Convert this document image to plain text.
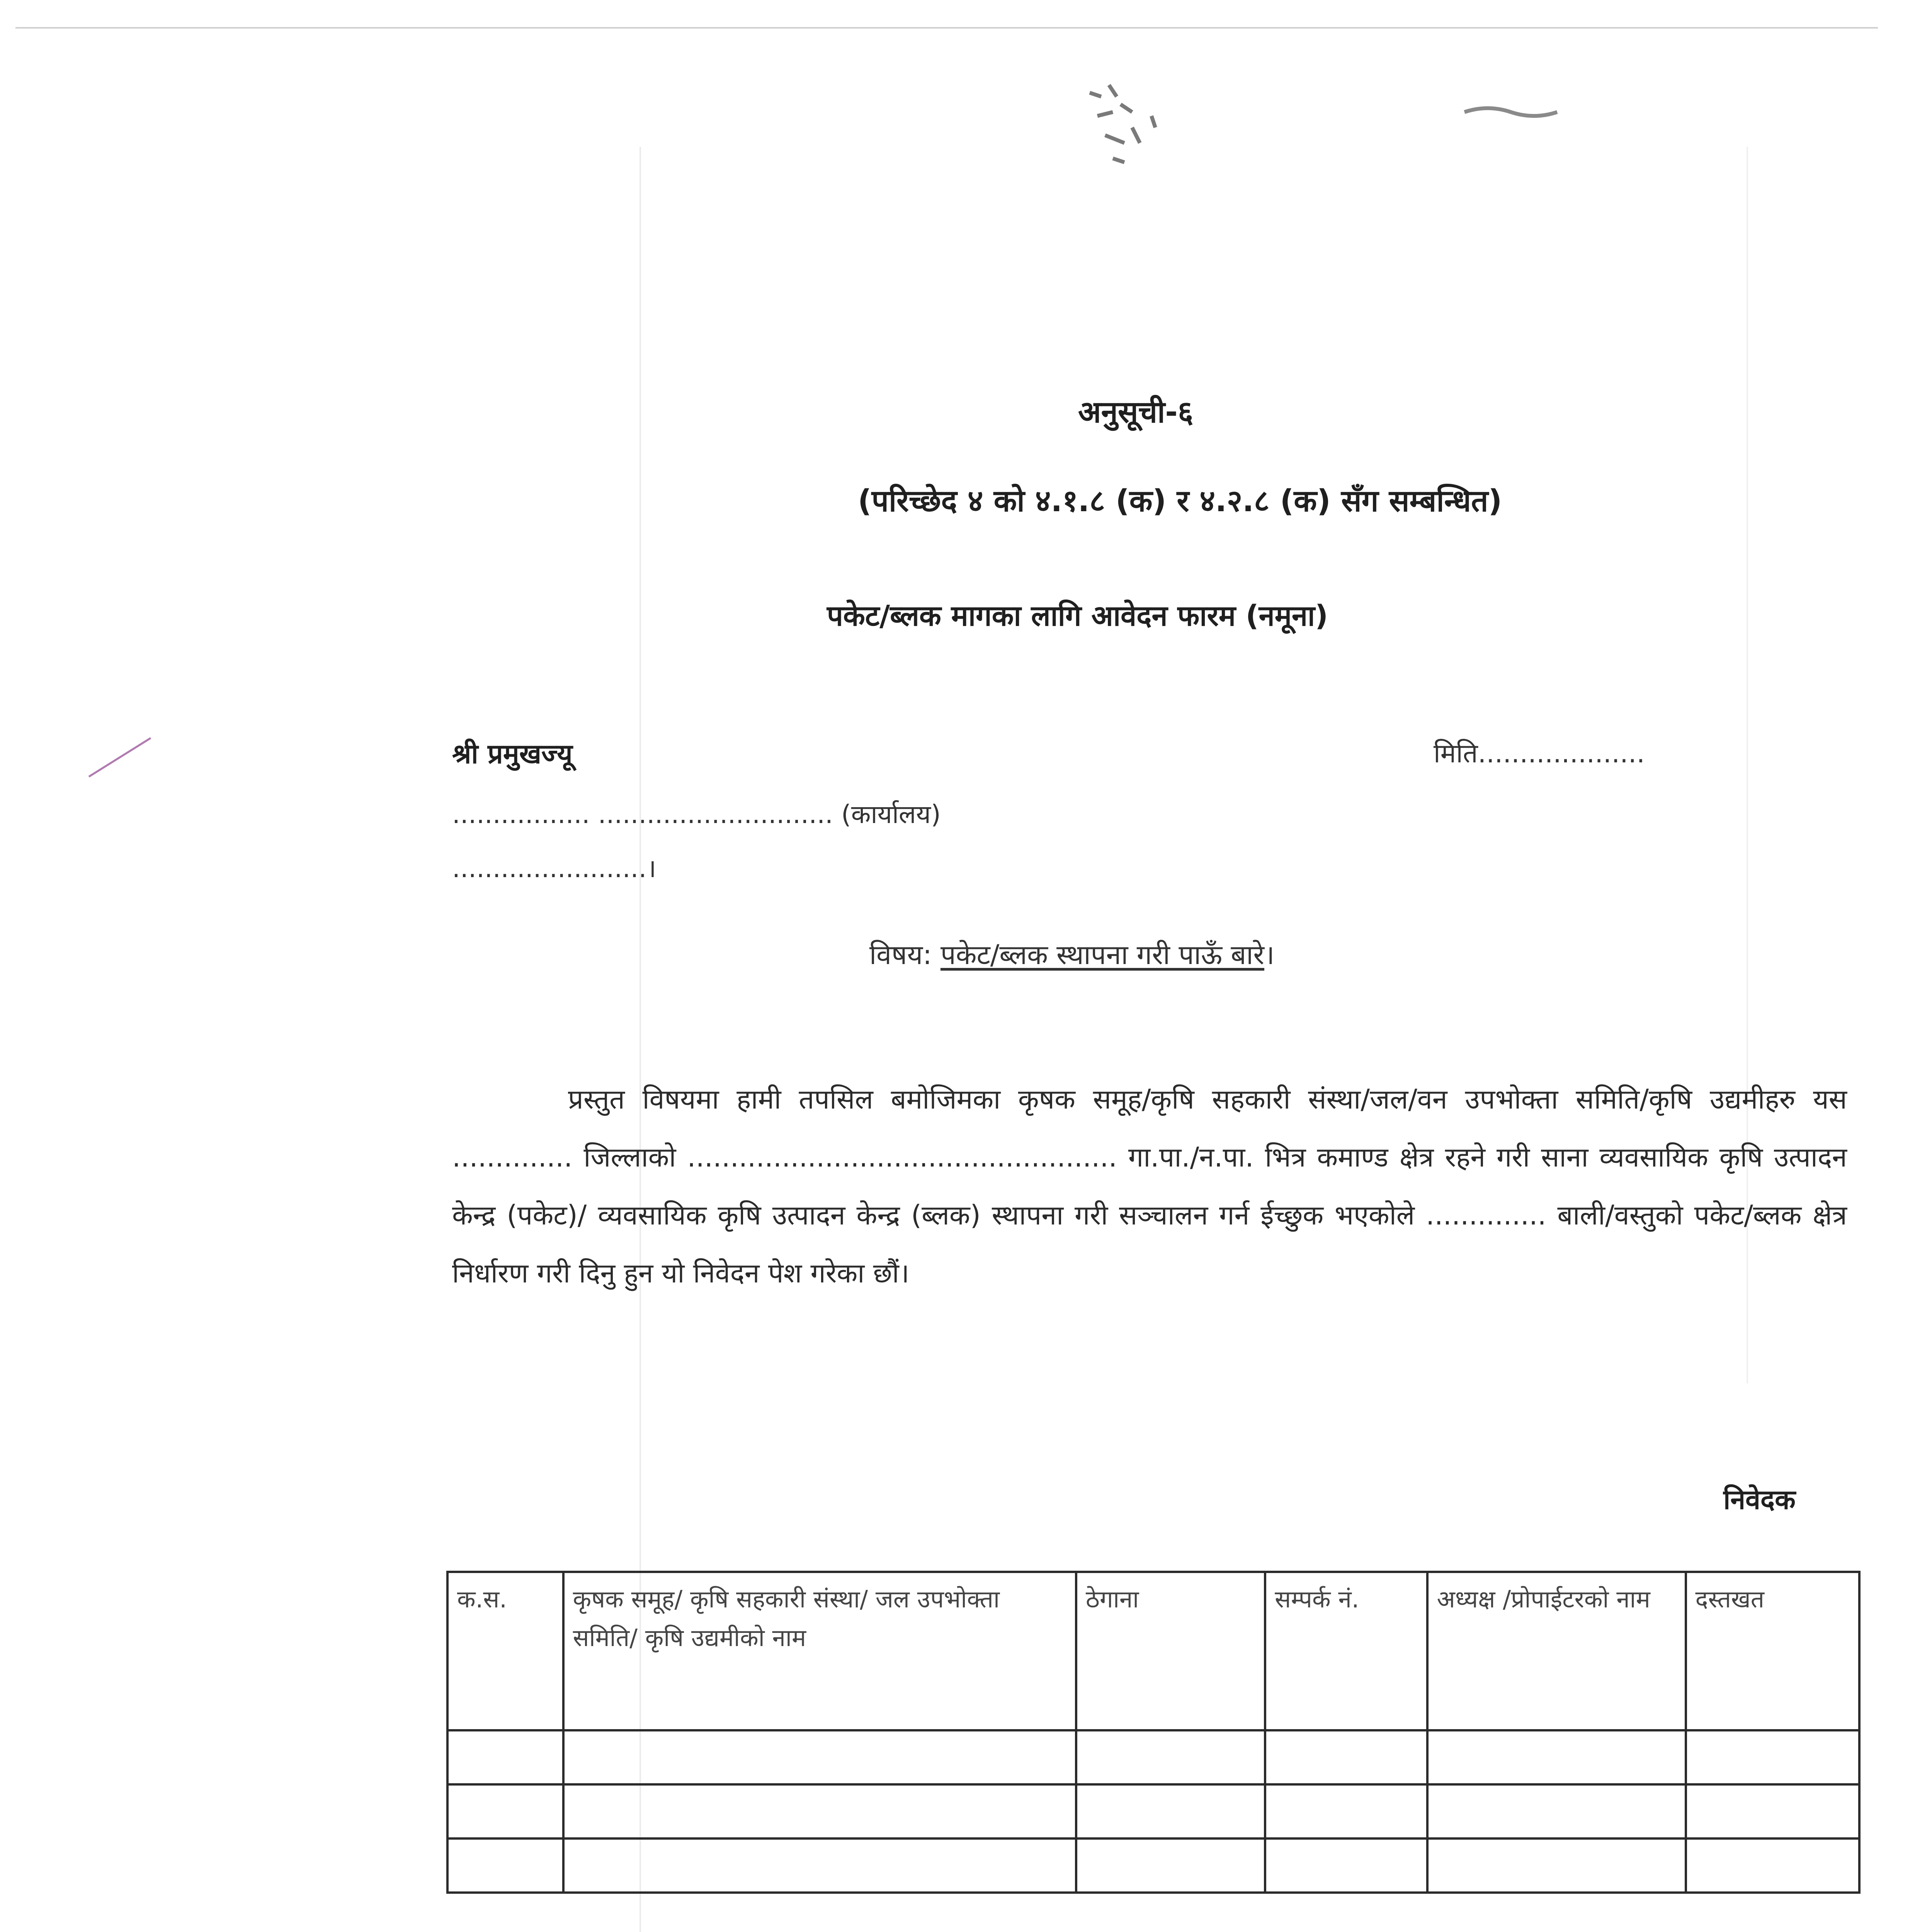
अनुसूची-६
(परिच्छेद ४ को ४.१.८ (क) र ४.२.८ (क) सँग सम्बन्धित)
पकेट/ब्लक मागका लागि आवेदन फारम (नमूना)
श्री प्रमुखज्यू	मिति....................
................. ............................. (कार्यालय)
........................।
विषय: पकेट/ब्लक स्थापना गरी पाऊँ बारे।
प्रस्तुत विषयमा हामी तपसिल बमोजिमका कृषक समूह/कृषि सहकारी संस्था/जल/वन उपभोक्ता समिति/कृषि उद्यमीहरु यस .............. जिल्लाको .................................................. गा.पा./न.पा. भित्र कमाण्ड क्षेत्र रहने गरी साना व्यवसायिक कृषि उत्पादन केन्द्र (पकेट)/ व्यवसायिक कृषि उत्पादन केन्द्र (ब्लक) स्थापना गरी सञ्चालन गर्न ईच्छुक भएकोले .............. बाली/वस्तुको पकेट/ब्लक क्षेत्र निर्धारण गरी दिनु हुन यो निवेदन पेश गरेका छौं।
निवेदक
क.स.	कृषक समूह/ कृषि सहकारी संस्था/ जल उपभोक्ता समिति/ कृषि उद्यमीको नाम	ठेगाना	सम्पर्क नं.	अध्यक्ष /प्रोपाईटरको नाम	दस्तखत
